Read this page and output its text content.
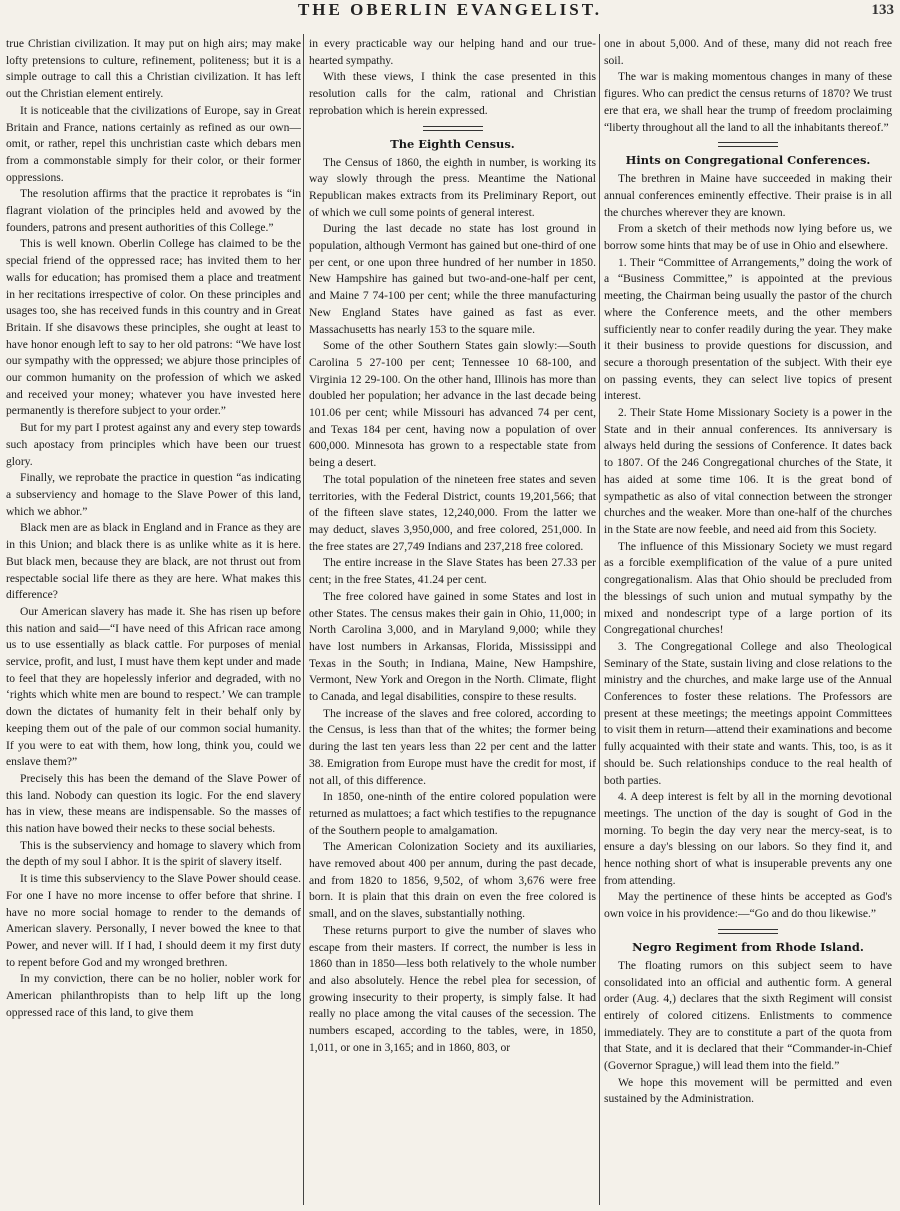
THE OBERLIN EVANGELIST.	133

true Christian civilization. It may put on high airs; may make lofty pretensions to culture, refinement, politeness; but it is a simple outrage to call this a Christian civilization. It has left out the Christian element entirely.

It is noticeable that the civilizations of Europe, say in Great Britain and France, nations certainly as refined as our own—omit, or rather, repel this unchristian caste which debars men from a commonstable simply for their color, or their former oppressions.

The resolution affirms that the practice it reprobates is “in flagrant violation of the principles held and avowed by the founders, patrons and present authorities of this College.”

This is well known. Oberlin College has claimed to be the special friend of the oppressed race; has invited them to her walls for education; has promised them a place and treatment in her recitations irrespective of color. On these principles and usages too, she has received funds in this country and in Great Britain. If she disavows these principles, she ought at least to have honor enough left to say to her old patrons: “We have lost our sympathy with the oppressed; we abjure those principles of our common humanity on the profession of which we asked and received your money; whatever you have invested here permanently is therefore subject to your order.”

But for my part I protest against any and every step towards such apostacy from principles which have been our truest glory.

Finally, we reprobate the practice in question “as indicating a subserviency and homage to the Slave Power of this land, which we abhor.”

Black men are as black in England and in France as they are in this Union; and black there is as unlike white as it is here. But black men, because they are black, are not thrust out from respectable social life there as they are here. What makes this difference?

Our American slavery has made it. She has risen up before this nation and said—“I have need of this African race among us to use essentially as black cattle. For purposes of menial service, profit, and lust, I must have them kept under and made to feel that they are hopelessly inferior and degraded, with no ‘rights which white men are bound to respect.’ We can trample down the dictates of humanity felt in their behalf only by keeping them out of the pale of our common social humanity. If you were to eat with them, how long, think you, could we enslave them?”

Precisely this has been the demand of the Slave Power of this land. Nobody can question its logic. For the end slavery has in view, these means are indispensable. So the masses of this nation have bowed their necks to these social behests.

This is the subserviency and homage to slavery which from the depth of my soul I abhor. It is the spirit of slavery itself.

It is time this subserviency to the Slave Power should cease. For one I have no more incense to offer before that shrine. I have no more social homage to render to the demands of American slavery. Personally, I never bowed the knee to that Power, and never will. If I had, I should deem it my first duty to repent before God and my wronged brethren.

In my conviction, there can be no holier, nobler work for American philanthropists than to help lift up the long oppressed race of this land, to give them

in every practicable way our helping hand and our true-hearted sympathy.

With these views, I think the case presented in this resolution calls for the calm, rational and Christian reprobation which is herein expressed.

The Eighth Census.

The Census of 1860, the eighth in number, is working its way slowly through the press. Meantime the National Republican makes extracts from its Preliminary Report, out of which we cull some points of general interest.

During the last decade no state has lost ground in population, although Vermont has gained but one-third of one per cent, or one upon three hundred of her number in 1850. New Hampshire has gained but two-and-one-half per cent, and Maine 7 74-100 per cent; while the three manufacturing New England States have gained as fast as ever. Massachusetts has nearly 153 to the square mile.

Some of the other Southern States gain slowly:—South Carolina 5 27-100 per cent; Tennessee 10 68-100, and Virginia 12 29-100. On the other hand, Illinois has more than doubled her population; her advance in the last decade being 101.06 per cent; while Missouri has advanced 74 per cent, and Texas 184 per cent, having now a population of over 600,000. Minnesota has grown to a respectable state from being a desert.

The total population of the nineteen free states and seven territories, with the Federal District, counts 19,201,566; that of the fifteen slave states, 12,240,000. From the latter we may deduct, slaves 3,950,000, and free colored, 251,000. In the free states are 27,749 Indians and 237,218 free colored.

The entire increase in the Slave States has been 27.33 per cent; in the free States, 41.24 per cent.

The free colored have gained in some States and lost in other States. The census makes their gain in Ohio, 11,000; in North Carolina 3,000, and in Maryland 9,000; while they have lost numbers in Arkansas, Florida, Mississippi and Texas in the South; in Indiana, Maine, New Hampshire, Vermont, New York and Oregon in the North. Climate, flight to Canada, and legal disabilities, conspire to these results.

The increase of the slaves and free colored, according to the Census, is less than that of the whites; the former being during the last ten years less than 22 per cent and the latter 38. Emigration from Europe must have the credit for most, if not all, of this difference.

In 1850, one-ninth of the entire colored population were returned as mulattoes; a fact which testifies to the repugnance of the Southern people to amalgamation.

The American Colonization Society and its auxiliaries, have removed about 400 per annum, during the past decade, and from 1820 to 1856, 9,502, of whom 3,676 were free born. It is plain that this drain on even the free colored is small, and on the slaves, substantially nothing.

These returns purport to give the number of slaves who escape from their masters. If correct, the number is less in 1860 than in 1850—less both relatively to the whole number and also absolutely. Hence the rebel plea for secession, of growing insecurity to their property, is simply false. It had really no place among the vital causes of the secession. The numbers escaped, according to the tables, were, in 1850, 1,011, or one in 3,165; and in 1860, 803, or

one in about 5,000. And of these, many did not reach free soil.

The war is making momentous changes in many of these figures. Who can predict the census returns of 1870? We trust ere that era, we shall hear the trump of freedom proclaiming “liberty throughout all the land to all the inhabitants thereof.”

Hints on Congregational Conferences.

The brethren in Maine have succeeded in making their annual conferences eminently effective. Their praise is in all the churches wherever they are known.

From a sketch of their methods now lying before us, we borrow some hints that may be of use in Ohio and elsewhere.

1. Their “Committee of Arrangements,” doing the work of a “Business Committee,” is appointed at the previous meeting, the Chairman being usually the pastor of the church where the Conference meets, and the other members sufficiently near to confer readily during the year. They make it their business to provide questions for discussion, and secure a thorough presentation of the subject. With their eye on passing events, they can select live topics of present interest.

2. Their State Home Missionary Society is a power in the State and in their annual conferences. Its anniversary is always held during the sessions of Conference. It dates back to 1807. Of the 246 Congregational churches of the State, it has aided at some time 106. It is the great bond of sympathetic as also of vital connection between the stronger churches and the weaker. More than one-half of the churches in the State are now feeble, and need aid from this Society.

The influence of this Missionary Society we must regard as a forcible exemplification of the value of a pure united congregationalism. Alas that Ohio should be precluded from the blessings of such union and mutual sympathy by the mixed and nondescript type of a large portion of its Congregational churches!

3. The Congregational College and also Theological Seminary of the State, sustain living and close relations to the ministry and the churches, and make large use of the Annual Conferences to foster these relations. The Professors are present at these meetings; the meetings appoint Committees to visit them in return—attend their examinations and become fully acquainted with their state and wants. This, too, is as it should be. Such relationships conduce to the real health of both parties.

4. A deep interest is felt by all in the morning devotional meetings. The unction of the day is sought of God in the morning. To begin the day very near the mercy-seat, is to ensure a day's blessing on our labors. So they find it, and hence nothing short of what is insuperable prevents any one from attending.

May the pertinence of these hints be accepted as God's own voice in his providence:—“Go and do thou likewise.”

Negro Regiment from Rhode Island.

The floating rumors on this subject seem to have consolidated into an official and authentic form. A general order (Aug. 4,) declares that the sixth Regiment will consist entirely of colored citizens. Enlistments to commence immediately. They are to constitute a part of the quota from that State, and it is declared that their “Commander-in-Chief (Governor Sprague,) will lead them into the field.”

We hope this movement will be permitted and even sustained by the Administration.
